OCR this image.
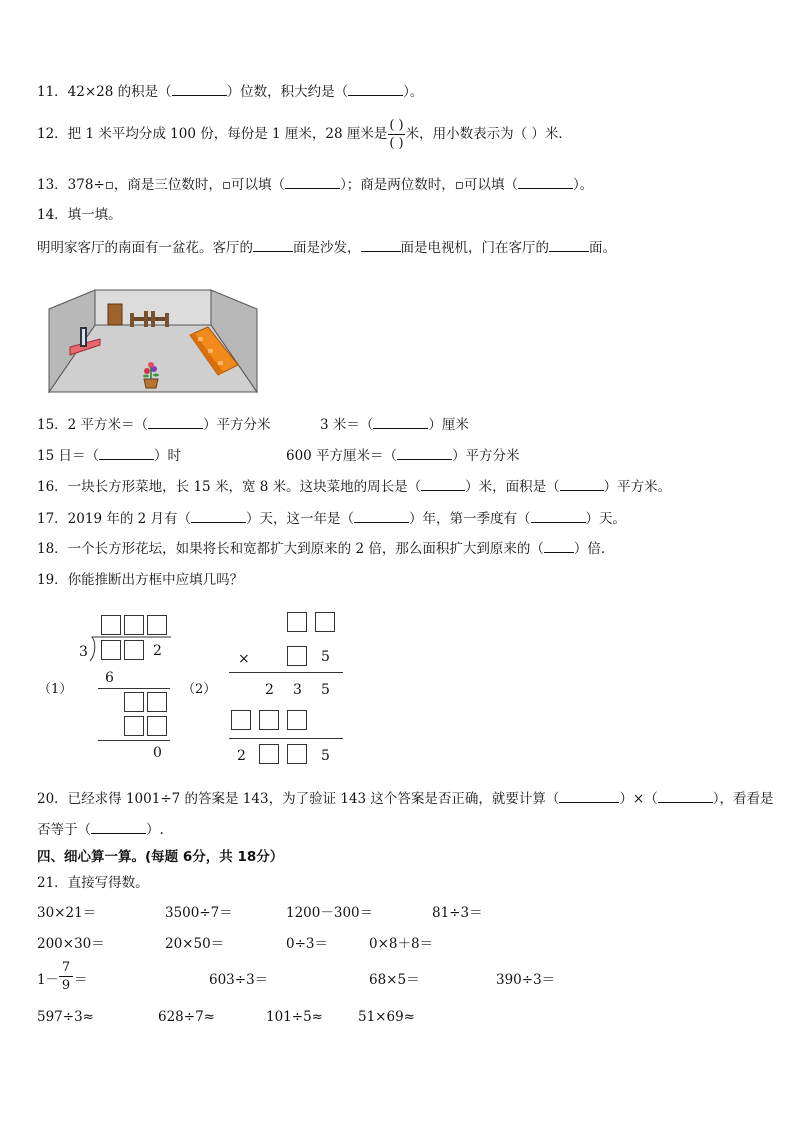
11．42×28 的积是（	）位数，积大约是（	）。
12．把 1 米平均分成 100 份，每份是 1 厘米，28 厘米是 $\frac{( )}{( )}$ 米，用小数表示为（ ）米．
13．378÷▫，商是三位数时，▫可以填（	）；商是两位数时，▫可以填（	）。
14．填一填。
明明家客厅的南面有一盆花。客厅的	面是沙发，	面是电视机，门在客厅的	面。
15．2 平方米＝（	）平方分米	3 米＝（	）厘米
15 日＝（	）时	600 平方厘米＝（	）平方分米
16．一块长方形菜地，长 15 米，宽 8 米。这块菜地的周长是（	）米，面积是（	）平方米。
17．2019 年的 2 月有（	）天，这一年是（	）年，第一季度有（	）天。
18．一个长方形花坛，如果将长和宽都扩大到原来的 2 倍，那么面积扩大到原来的（ ）倍．
19．你能推断出方框中应填几吗？
（1）
3	2
6
0
（2）
×	5
2 3 5
2	5
20．已经求得 1001÷7 的答案是 143，为了验证 143 这个答案是否正确，就要计算（	）×（	），看看是
否等于（	）.
四、细心算一算。(每题 6分，共 18分）
21．直接写得数。
30×21＝	3500÷7＝	1200－300＝	81÷3＝
200×30＝	20×50＝	0÷3＝	0×8＋8＝
1－
7
9 ＝	603÷3＝	68×5＝	390÷3＝
597÷3≈	628÷7≈	101÷5≈	51×69≈
